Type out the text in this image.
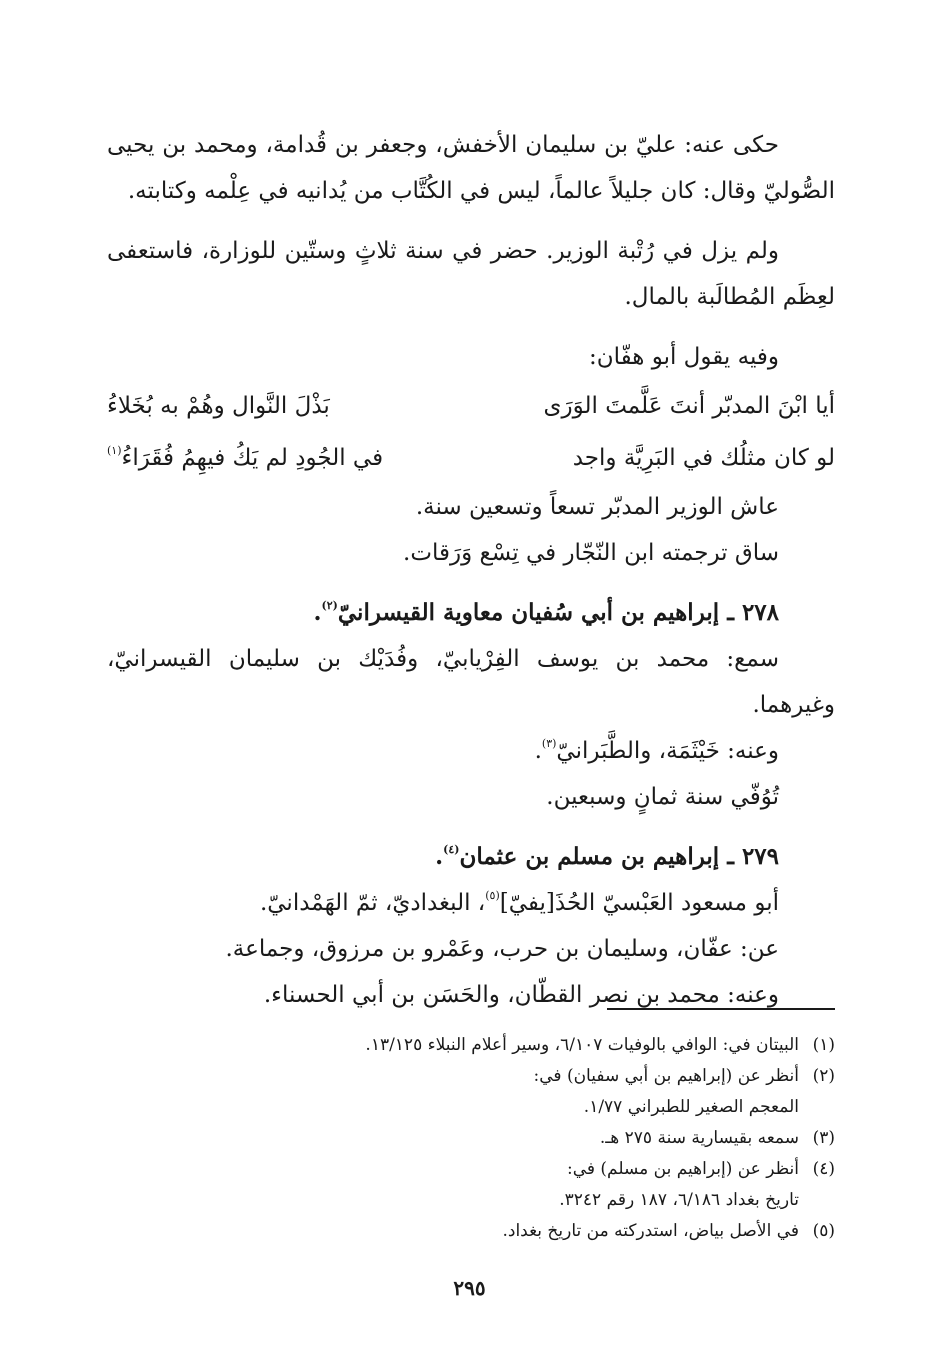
حكى عنه: عليّ بن سليمان الأخفش، وجعفر بن قُدامة، ومحمد بن يحيى الصُّوليّ وقال: كان جليلاً عالماً، ليس في الكُتَّاب من يُدانيه في عِلْمه وكتابته.

ولم يزل في رُتْبة الوزير. حضر في سنة ثلاثٍ وستّين للوزارة، فاستعفى لعِظَم المُطالَبة بالمال.

وفيه يقول أبو هفّان:

أيا ابْنَ المدبّر أنتَ عَلَّمتَ الوَرَى
بَذْلَ النَّوال وهُمْ به بُخَلاءُ
لو كان مثلُك في البَرِيَّة واجد
في الجُودِ لم يَكُ فيهِمُ فُقَرَاءُ$^{(١)}$

عاش الوزير المدبّر تسعاً وتسعين سنة.

ساق ترجمته ابن النّجّار في تِسْع وَرَقات.

٢٧٨ ـ إبراهيم بن أبي سُفيان معاوية القيسرانيّ$^{(٢)}$.

سمع: محمد بن يوسف الفِرْيابيّ، وفُدَيْك بن سليمان القيسرانيّ، وغيرهما.

وعنه: خَيْثَمَة، والطَّبَرانيّ$^{(٣)}$.

تُوُفّي سنة ثمانٍ وسبعين.

٢٧٩ ـ إبراهيم بن مسلم بن عثمان$^{(٤)}$.

أبو مسعود العَبْسيّ الحُذَ[يفيّ]$^{(٥)}$، البغداديّ، ثمّ الهَمْدانيّ.

عن: عفّان، وسليمان بن حرب، وعَمْرو بن مرزوق، وجماعة.

وعنه: محمد بن نصر القطّان، والحَسَن بن أبي الحسناء.

(١)
البيتان في: الوافي بالوفيات ٦/١٠٧، وسير أعلام النبلاء ١٣/١٢٥.
(٢)
أنظر عن (إبراهيم بن أبي سفيان) في:
المعجم الصغير للطبراني ١/٧٧.
(٣)
سمعه بقيسارية سنة ٢٧٥ هـ.
(٤)
أنظر عن (إبراهيم بن مسلم) في:
تاريخ بغداد ٦/١٨٦، ١٨٧ رقم ٣٢٤٢.
(٥)
في الأصل بياض، استدركته من تاريخ بغداد.
٢٩٥
